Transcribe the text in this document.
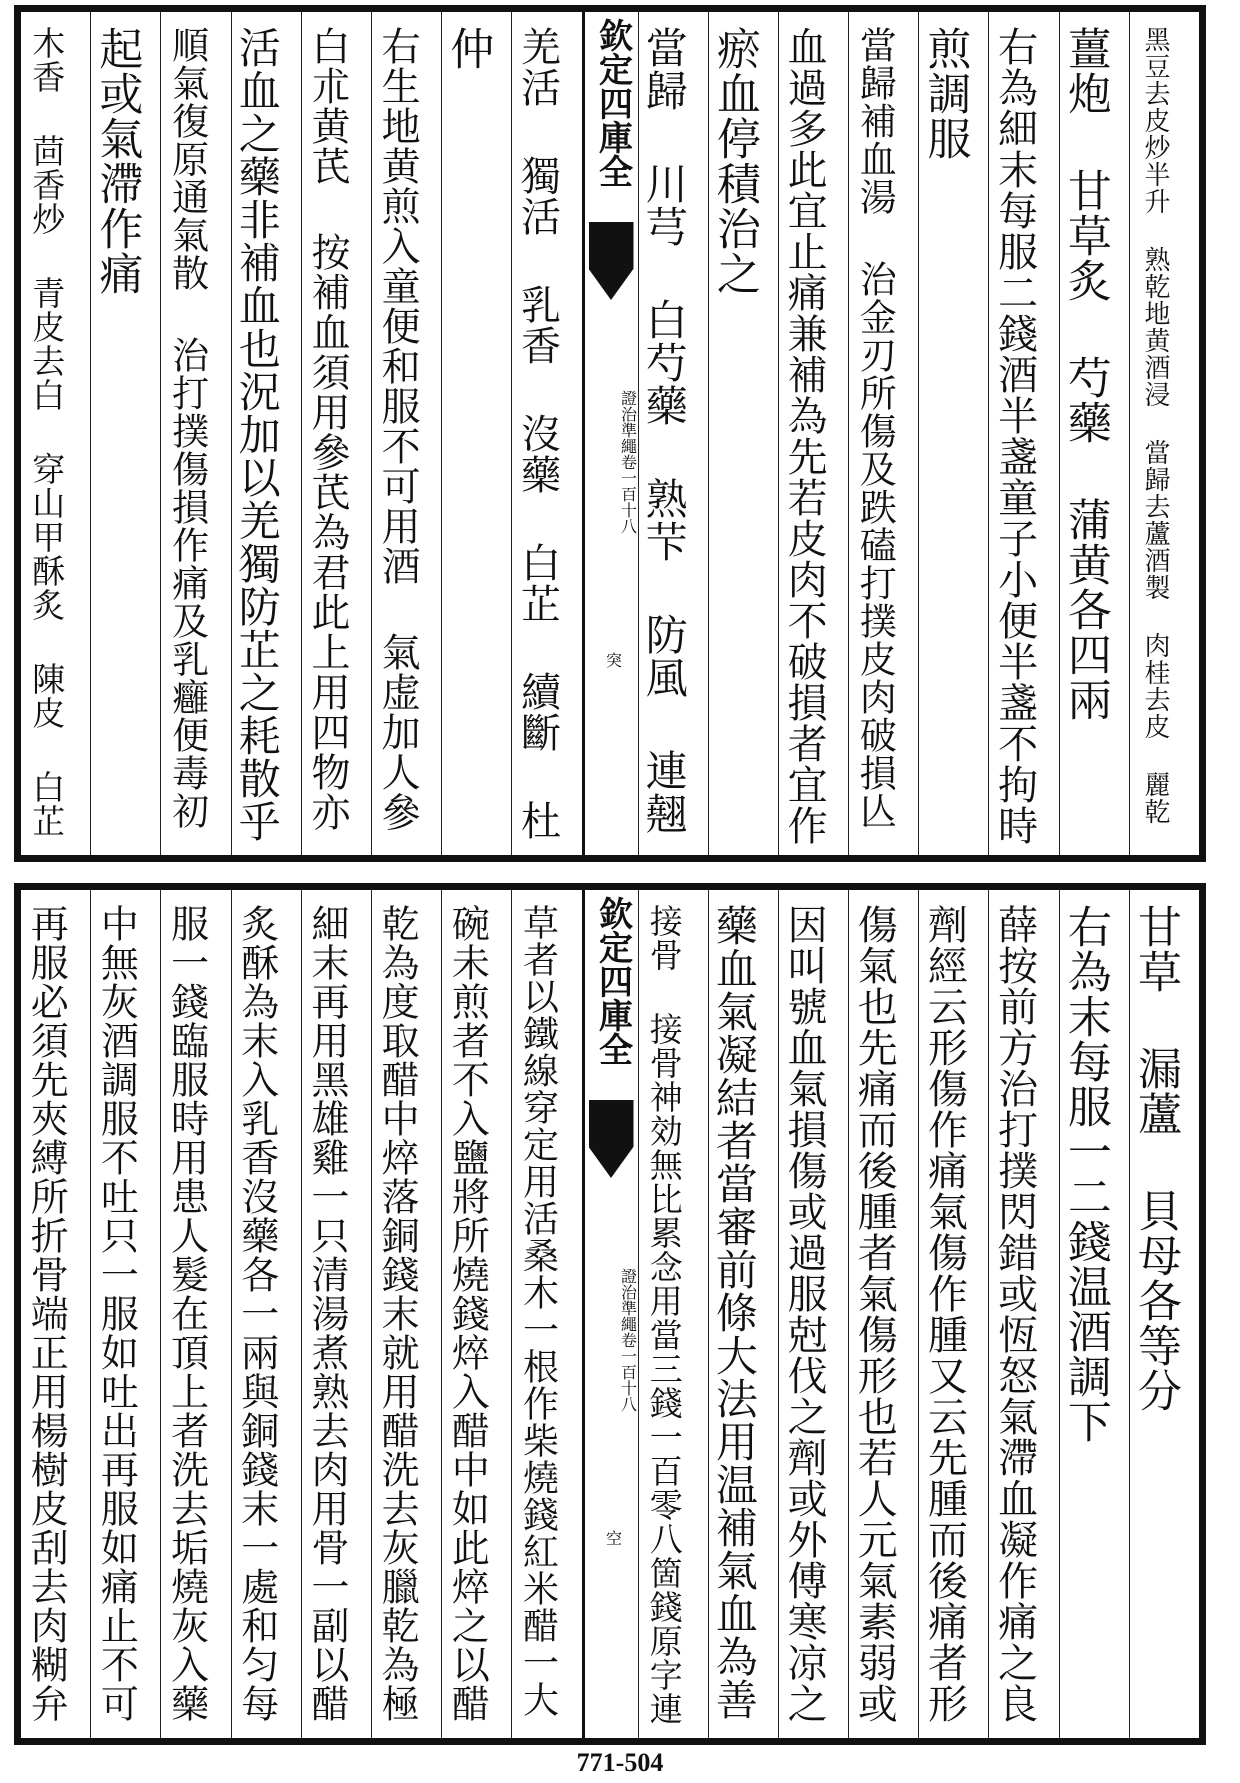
黑豆去皮炒半升 熟乾地黄酒浸 當歸去蘆酒製 肉桂去皮 麗乾
薑炮 甘草炙 芍藥 蒲黄各四兩
右為細末每服二錢酒半盞童子小便半盞不拘時
煎調服
當歸補血湯 治金刃所傷及跌磕打撲皮肉破損亾
血過多此宜止痛兼補為先若皮肉不破損者宜作
瘀血停積治之
當歸 川芎 白芍藥 熟芐 防風 連翹
欽定四庫全
證治準繩
卷一百十八
突
羌活 獨活 乳香 沒藥 白芷 續斷 杜
仲
右生地黄煎入童便和服不可用酒 氣虚加人參
白朮黄芪 按補血須用參芪為君此上用四物亦
活血之藥非補血也況加以羌獨防芷之耗散乎
順氣復原通氣散 治打撲傷損作痛及乳癰便毒初
起或氣滯作痛
木香 茴香炒 青皮去白 穿山甲酥炙 陳皮 白芷
甘草 漏蘆 貝母各等分
右為末每服一二錢温酒調下
薛按前方治打撲閃錯或恆怒氣滯血凝作痛之良
劑經云形傷作痛氣傷作腫又云先腫而後痛者形
傷氣也先痛而後腫者氣傷形也若人元氣素弱或
因叫號血氣損傷或過服尅伐之劑或外傅寒凉之
藥血氣凝結者當審前條大法用温補氣血為善
接骨 接骨神効無比累念用當三錢一百零八箇錢原字連
欽定四庫全
證治準繩
卷一百十八
空
草者以鐵線穿定用活桑木一根作柴燒錢紅米醋一大
碗未煎者不入鹽將所燒錢焠入醋中如此焠之以醋
乾為度取醋中焠落銅錢末就用醋洗去灰臘乾為極
細末再用黑雄雞一只清湯煮熟去肉用骨一副以醋
炙酥為末入乳香沒藥各一兩與銅錢末一處和匀每
服一錢臨服時用患人髮在頂上者洗去垢燒灰入藥
中無灰酒調服不吐只一服如吐出再服如痛止不可
再服必須先夾縛所折骨端正用楊樹皮刮去肉糊弁
771-504
